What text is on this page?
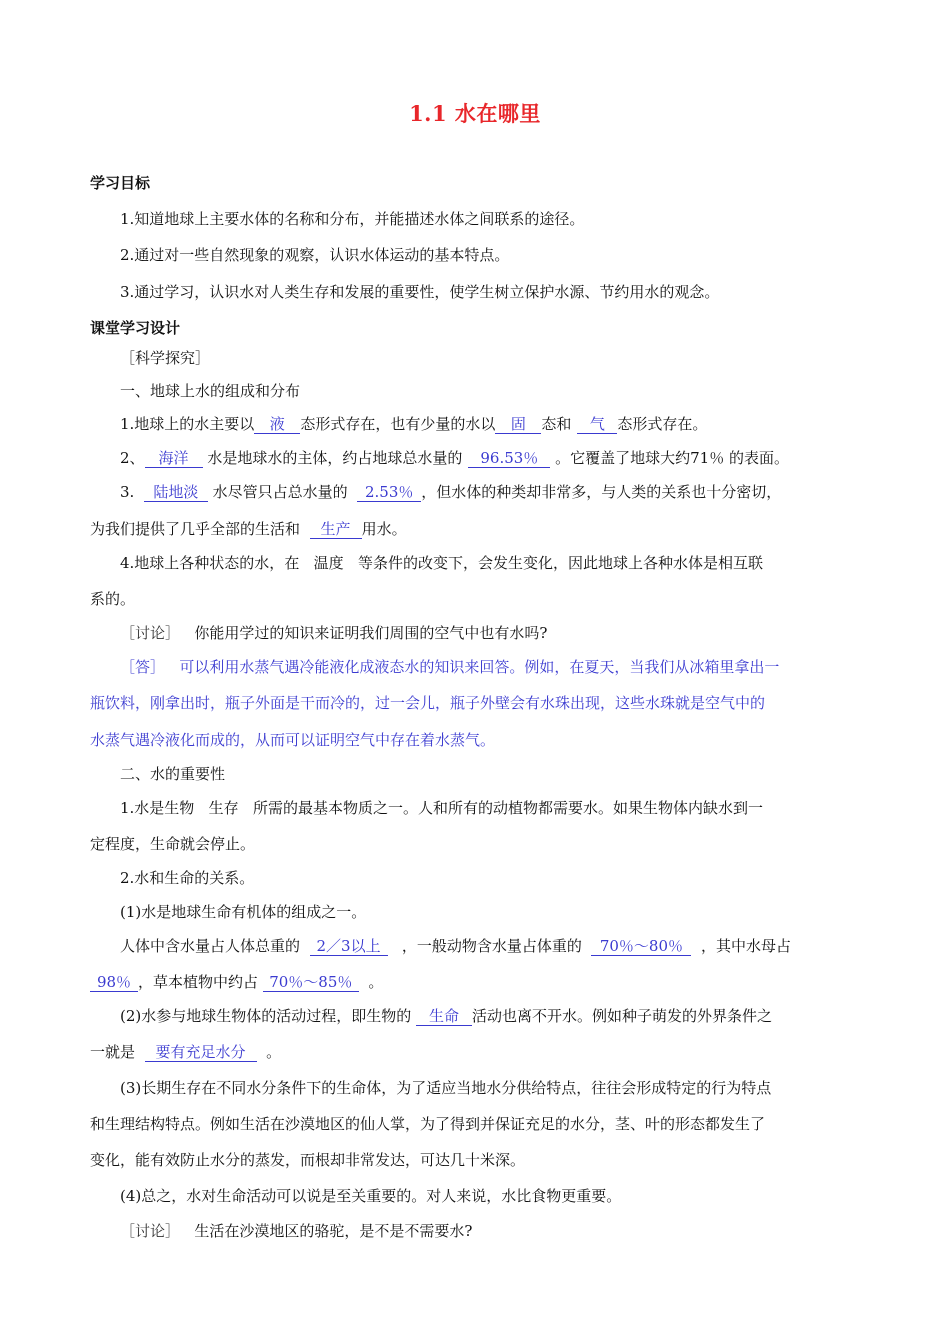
1.1 水在哪里
学习目标
1.知道地球上主要水体的名称和分布，并能描述水体之间联系的途径。
2.通过对一些自然现象的观察，认识水体运动的基本特点。
3.通过学习，认识水对人类生存和发展的重要性，使学生树立保护水源、节约用水的观念。
课堂学习设计
［科学探究］
一、地球上水的组成和分布
1.地球上的水主要以 液 态形式存在，也有少量的水以 固 态和 气 态形式存在。
2、 海洋 水是地球水的主体，约占地球总水量的 96.53％ 。它覆盖了地球大约71％ 的表面。
3. 陆地淡 水尽管只占总水量的 2.53％ ，但水体的种类却非常多，与人类的关系也十分密切，
为我们提供了几乎全部的生活和 生产 用水。
4.地球上各种状态的水，在 温度 等条件的改变下，会发生变化，因此地球上各种水体是相互联
系的。
［讨论］ 你能用学过的知识来证明我们周围的空气中也有水吗?
［答］ 可以利用水蒸气遇冷能液化成液态水的知识来回答。例如，在夏天，当我们从冰箱里拿出一
瓶饮料，刚拿出时，瓶子外面是干而冷的，过一会儿，瓶子外壁会有水珠出现，这些水珠就是空气中的
水蒸气遇冷液化而成的，从而可以证明空气中存在着水蒸气。
二、水的重要性
1.水是生物 生存 所需的最基本物质之一。人和所有的动植物都需要水。如果生物体内缺水到一
定程度，生命就会停止。
2.水和生命的关系。
(1)水是地球生命有机体的组成之一。
人体中含水量占人体总重的 2／3以上 ，一般动物含水量占体重的 70％～80％ ，其中水母占
98％ ，草本植物中约占 70％～85％ 。
(2)水参与地球生物体的活动过程，即生物的 生命 活动也离不开水。例如种子萌发的外界条件之
一就是 要有充足水分 。
(3)长期生存在不同水分条件下的生命体，为了适应当地水分供给特点，往往会形成特定的行为特点
和生理结构特点。例如生活在沙漠地区的仙人掌，为了得到并保证充足的水分，茎、叶的形态都发生了
变化，能有效防止水分的蒸发，而根却非常发达，可达几十米深。
(4)总之，水对生命活动可以说是至关重要的。对人来说，水比食物更重要。
［讨论］ 生活在沙漠地区的骆驼，是不是不需要水?
